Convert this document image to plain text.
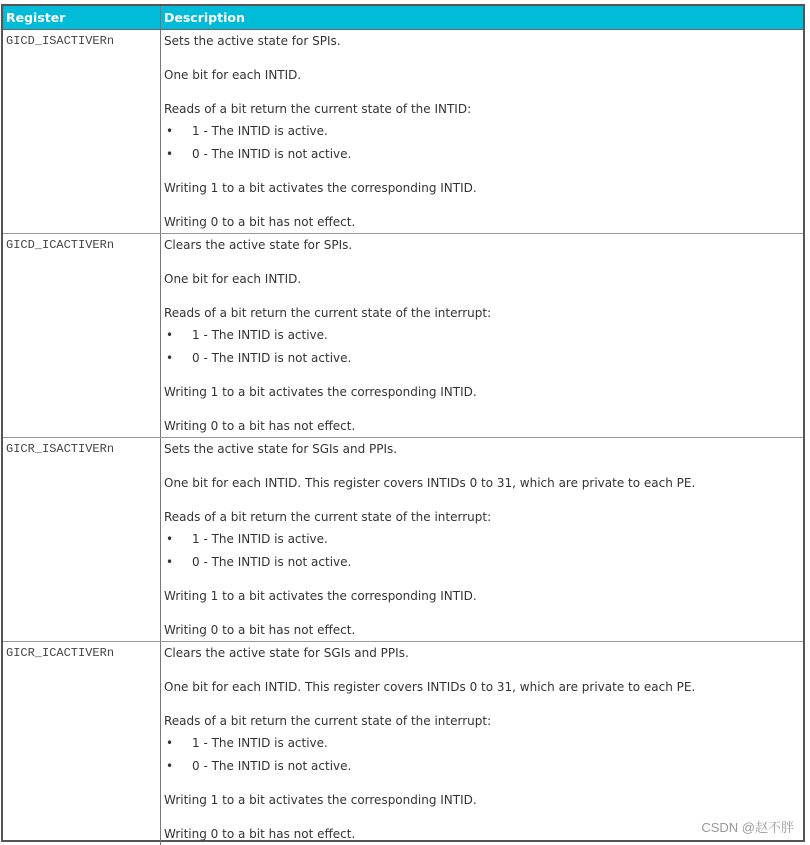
Register	Description
GICD_ISACTIVERn	Sets the active state for SPIs.
One bit for each INTID.
Reads of a bit return the current state of the INTID:
• 1 - The INTID is active.
• 0 - The INTID is not active.
Writing 1 to a bit activates the corresponding INTID.
Writing 0 to a bit has not effect.
GICD_ICACTIVERn	Clears the active state for SPIs.
One bit for each INTID.
Reads of a bit return the current state of the interrupt:
• 1 - The INTID is active.
• 0 - The INTID is not active.
Writing 1 to a bit activates the corresponding INTID.
Writing 0 to a bit has not effect.
GICR_ISACTIVERn	Sets the active state for SGIs and PPIs.
One bit for each INTID. This register covers INTIDs 0 to 31, which are private to each PE.
Reads of a bit return the current state of the interrupt:
• 1 - The INTID is active.
• 0 - The INTID is not active.
Writing 1 to a bit activates the corresponding INTID.
Writing 0 to a bit has not effect.
GICR_ICACTIVERn	Clears the active state for SGIs and PPIs.
One bit for each INTID. This register covers INTIDs 0 to 31, which are private to each PE.
Reads of a bit return the current state of the interrupt:
• 1 - The INTID is active.
• 0 - The INTID is not active.
Writing 1 to a bit activates the corresponding INTID.
Writing 0 to a bit has not effect.	CSDN @赵不胖
